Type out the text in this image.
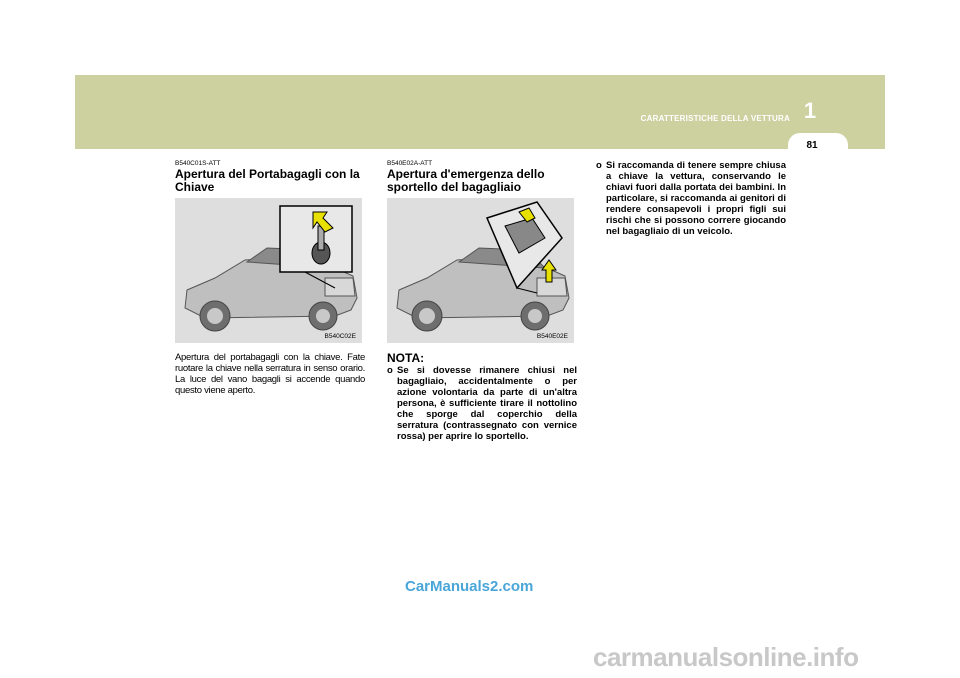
1
CARATTERISTICHE DELLA VETTURA
81
B540C01S-ATT
Apertura del Portabagagli con la Chiave
B540C02E
Apertura del portabagagli con la chiave. Fate ruotare la chiave nella serratura in senso orario. La luce del vano bagagli si accende quando questo viene aperto.
B540E02A-ATT
Apertura d'emergenza dello sportello del bagagliaio
B540E02E
NOTA:
o Se si dovesse rimanere chiusi nel bagagliaio, accidentalmente o per azione volontaria da parte di un'altra persona, è sufficiente tirare il nottolino che sporge dal coperchio della serratura (contrassegnato con vernice rossa) per aprire lo sportello.
o Si raccomanda di tenere sempre chiusa a chiave la vettura, conservando le chiavi fuori dalla portata dei bambini. In particolare, si raccomanda ai genitori di rendere consapevoli i propri figli sui rischi che si possono correre giocando nel bagagliaio di un veicolo.
CarManuals2.com
carmanualsonline.info
